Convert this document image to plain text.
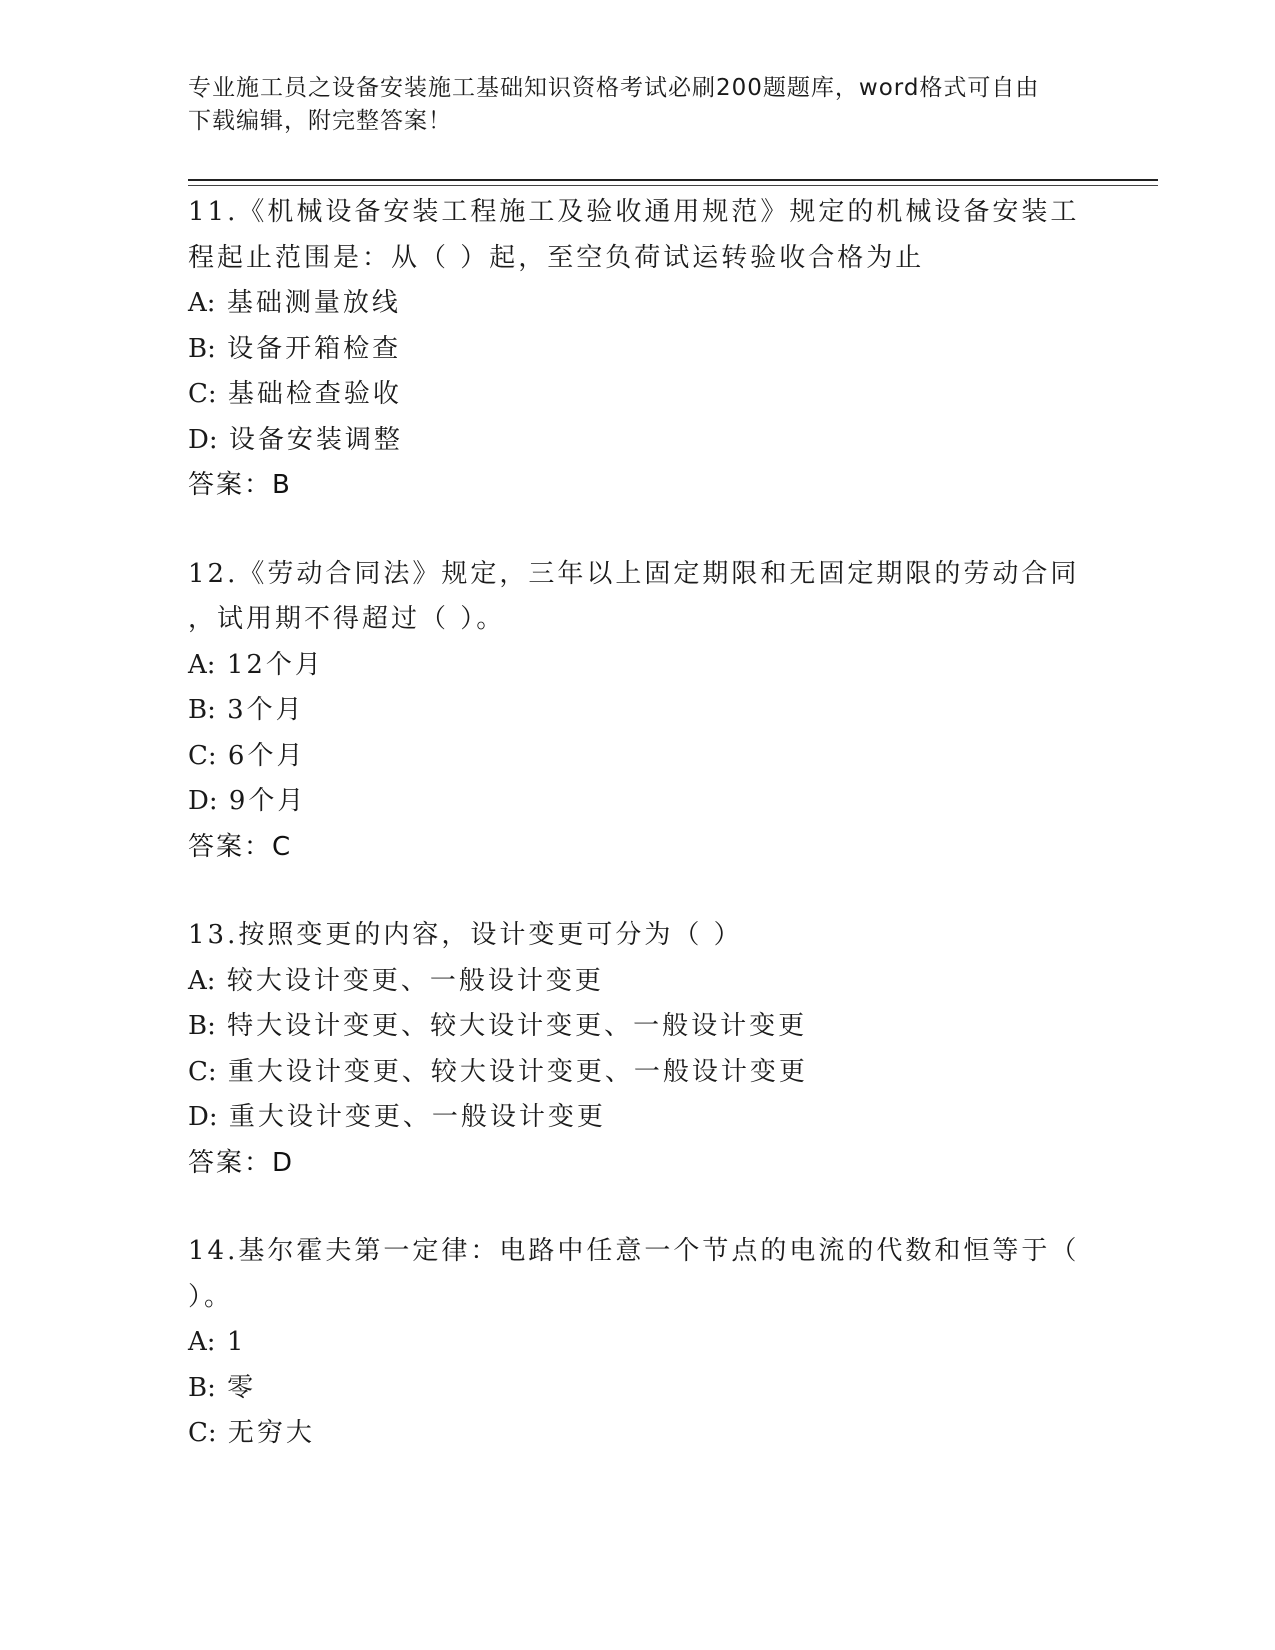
专业施工员之设备安装施工基础知识资格考试必刷200题题库，word格式可自由
下载编辑，附完整答案！

11.《机械设备安装工程施工及验收通用规范》规定的机械设备安装工

程起止范围是：从（ ）起，至空负荷试运转验收合格为止

A: 基础测量放线

B: 设备开箱检查

C: 基础检查验收

D: 设备安装调整

答案：B

12.《劳动合同法》规定，三年以上固定期限和无固定期限的劳动合同

，试用期不得超过（ ）。

A: 12个月

B: 3个月

C: 6个月

D: 9个月

答案：C

13.按照变更的内容，设计变更可分为（ ）

A: 较大设计变更、一般设计变更

B: 特大设计变更、较大设计变更、一般设计变更

C: 重大设计变更、较大设计变更、一般设计变更

D: 重大设计变更、一般设计变更

答案：D

14.基尔霍夫第一定律：电路中任意一个节点的电流的代数和恒等于（

）。

A: 1

B: 零

C: 无穷大
